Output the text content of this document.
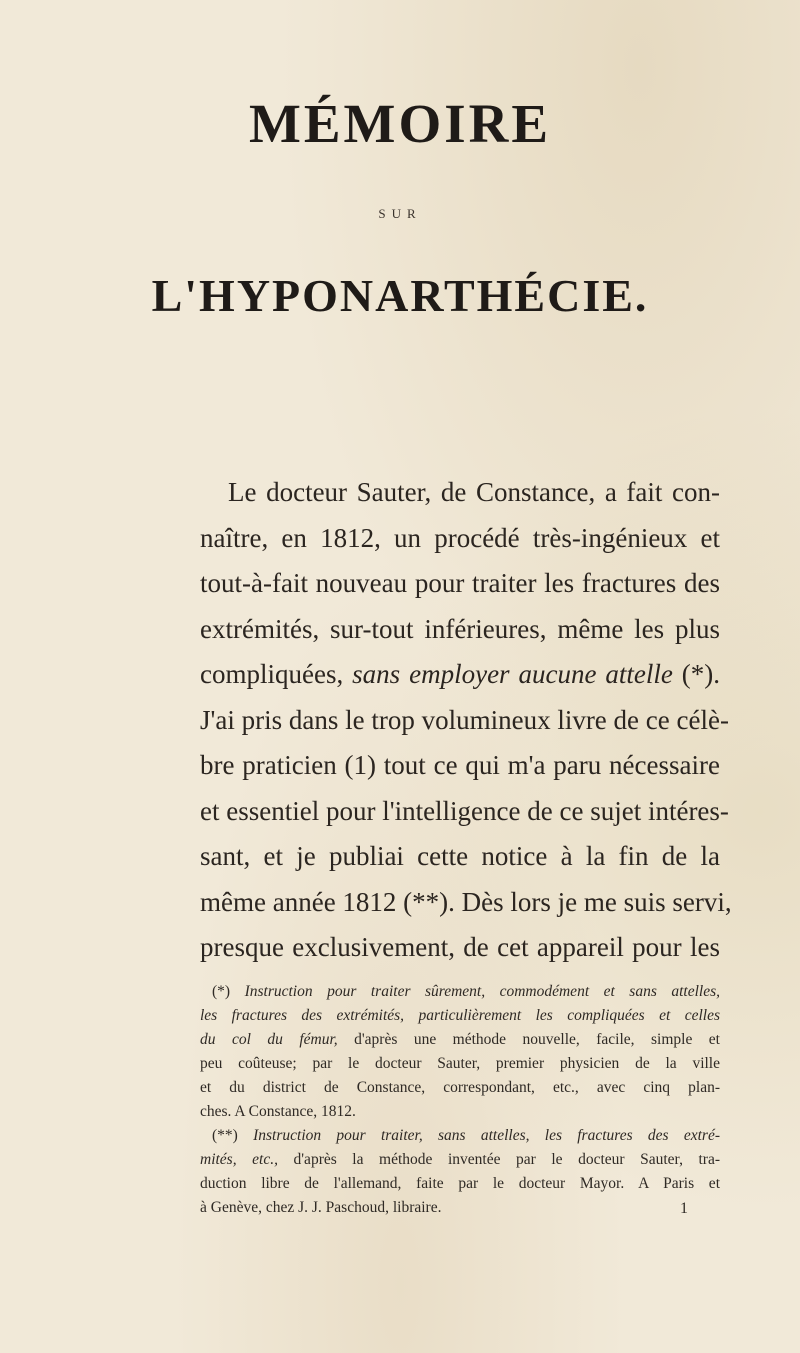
MÉMOIRE
SUR
L'HYPONARTHÉCIE.
Le docteur Sauter, de Constance, a fait con-
naître, en 1812, un procédé très-ingénieux et
tout-à-fait nouveau pour traiter les fractures des
extrémités, sur-tout inférieures, même les plus
compliquées, sans employer aucune attelle (*).
J'ai pris dans le trop volumineux livre de ce célè-
bre praticien (1) tout ce qui m'a paru nécessaire
et essentiel pour l'intelligence de ce sujet intéres-
sant, et je publiai cette notice à la fin de la
même année 1812 (**). Dès lors je me suis servi,
presque exclusivement, de cet appareil pour les
(*) Instruction pour traiter sûrement, commodément et sans attelles,
les fractures des extrémités, particulièrement les compliquées et celles
du col du fémur, d'après une méthode nouvelle, facile, simple et
peu coûteuse; par le docteur Sauter, premier physicien de la ville
et du district de Constance, correspondant, etc., avec cinq plan-
ches. A Constance, 1812.
(**) Instruction pour traiter, sans attelles, les fractures des extré-
mités, etc., d'après la méthode inventée par le docteur Sauter, tra-
duction libre de l'allemand, faite par le docteur Mayor. A Paris et
à Genève, chez J. J. Paschoud, libraire.	1
